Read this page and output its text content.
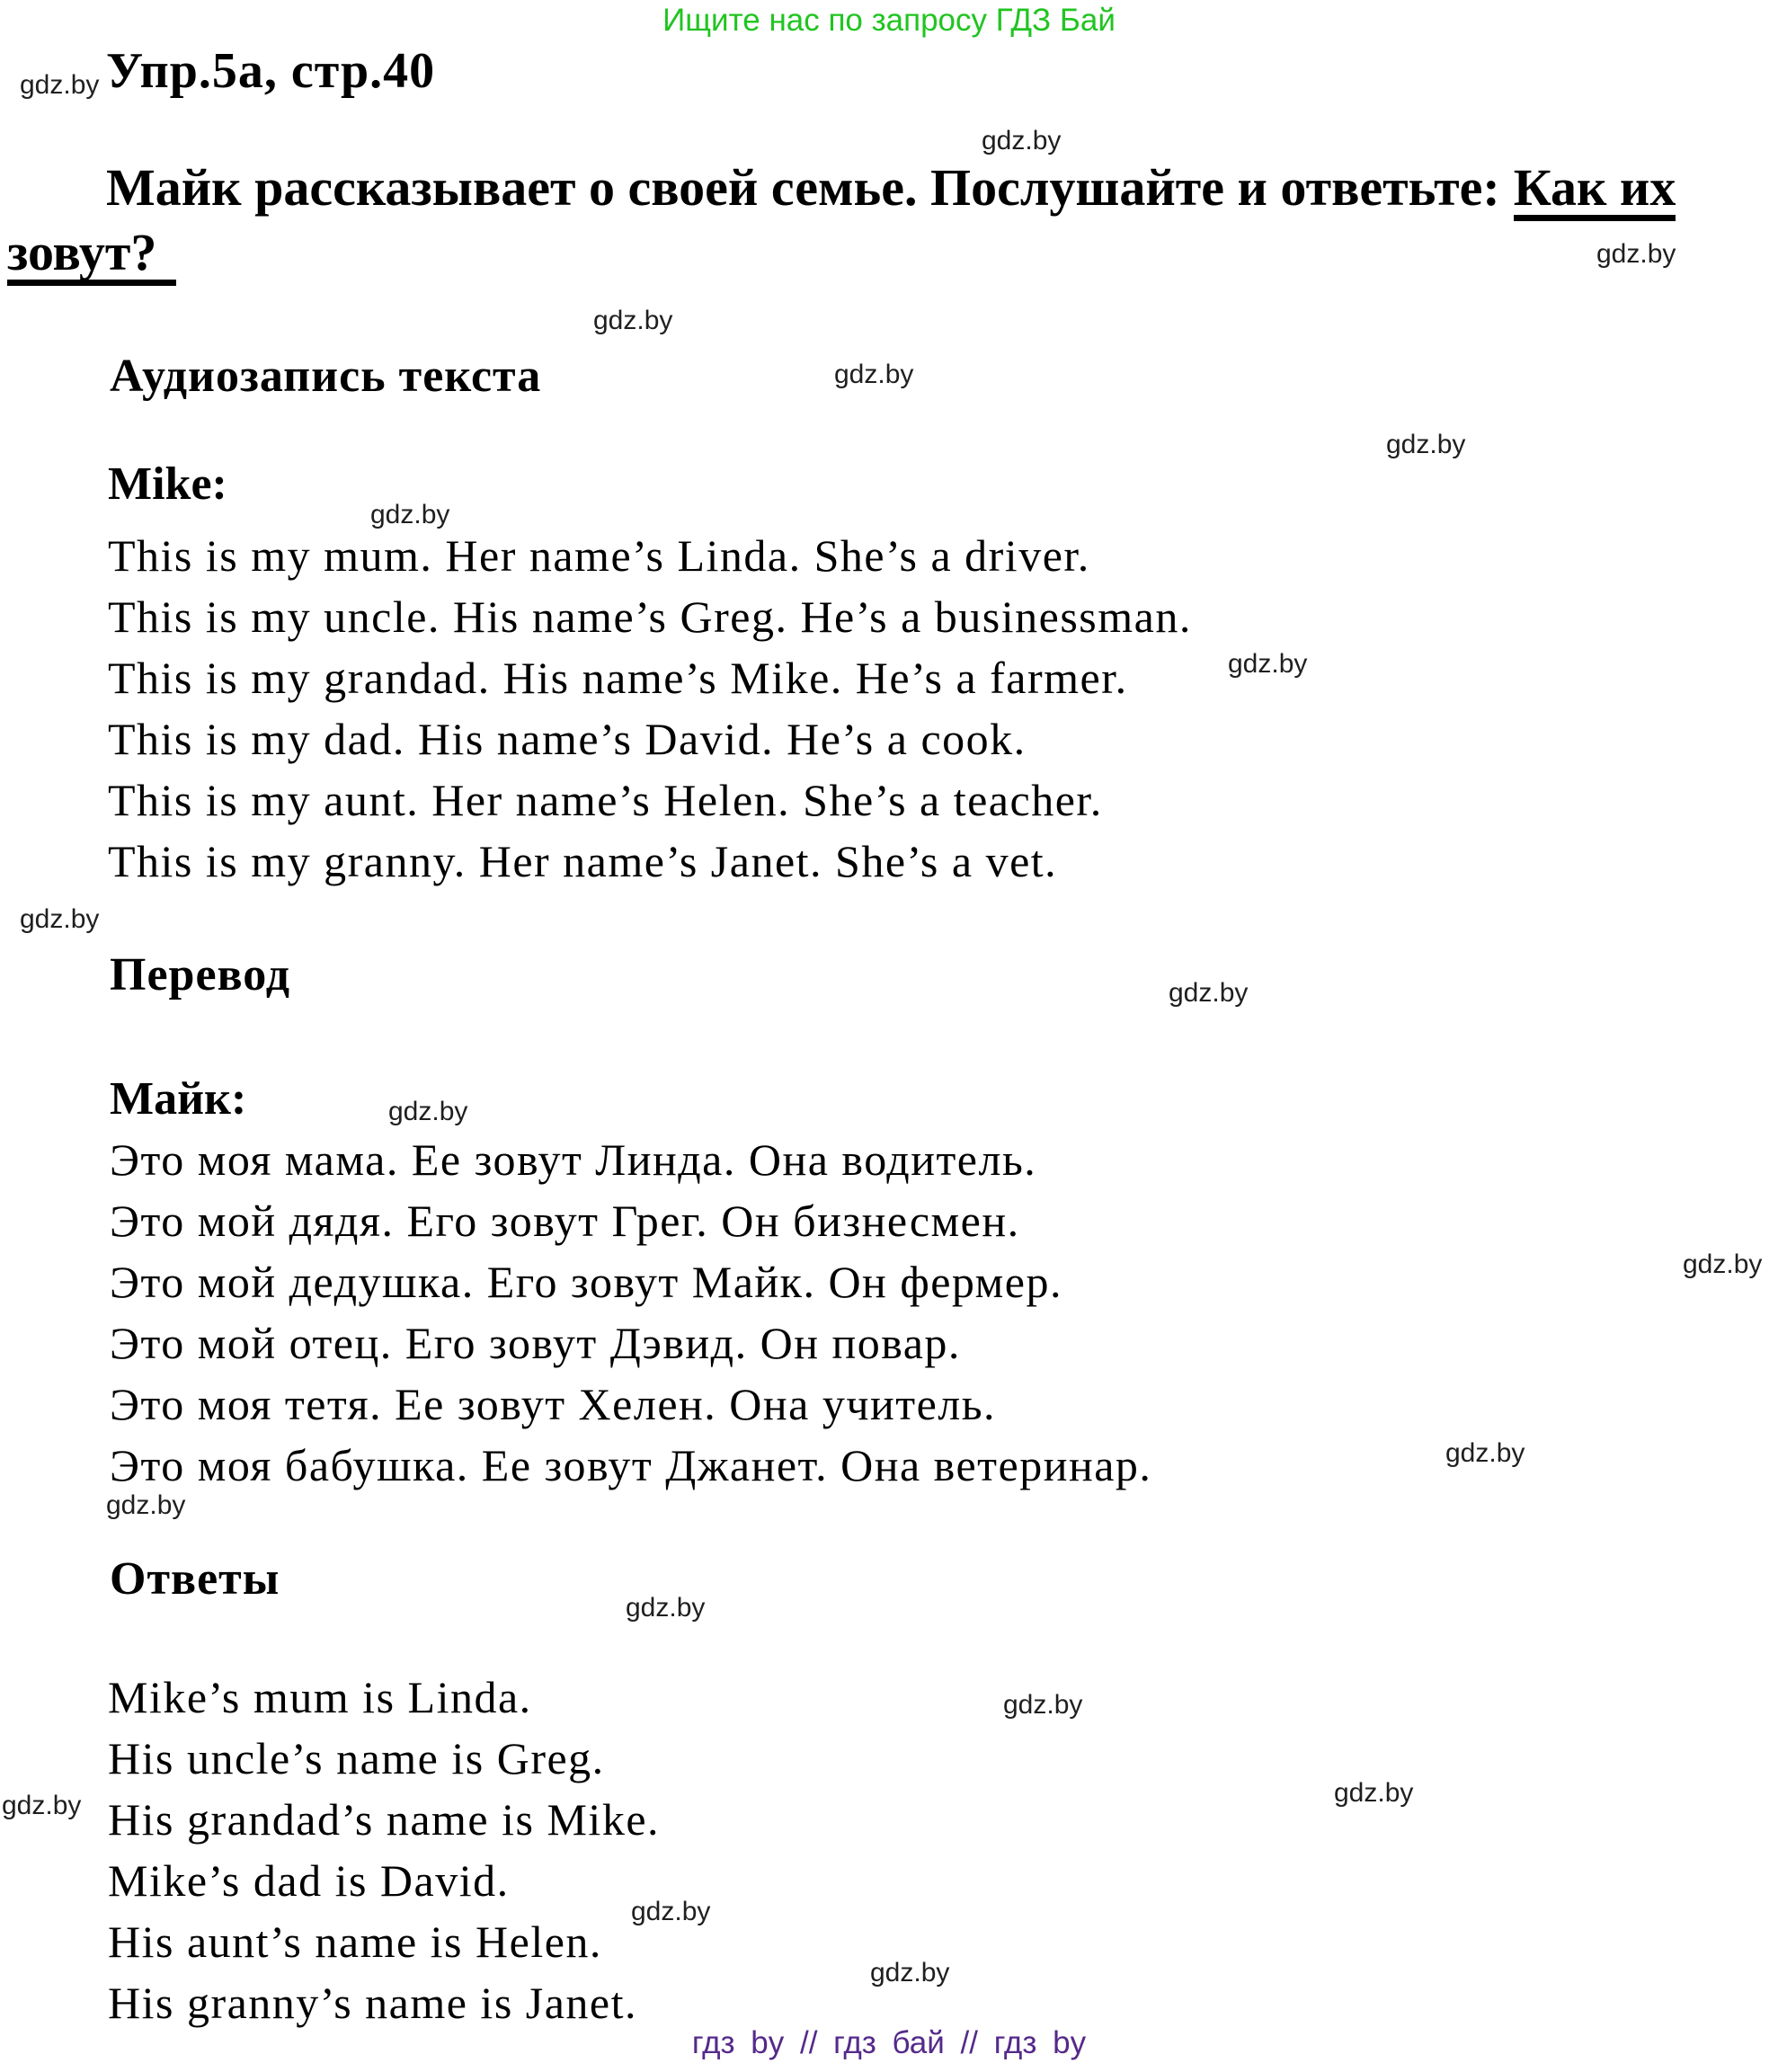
Ищите нас по запросу ГДЗ Бай
gdz.by
gdz.by
gdz.by
gdz.by
gdz.by
gdz.by
gdz.by
gdz.by
gdz.by
gdz.by
gdz.by
gdz.by
gdz.by
gdz.by
gdz.by
gdz.by
gdz.by
gdz.by
gdz.by
gdz.by
Упр.5а, стр.40
Майк рассказывает о своей семье. Послушайте и ответьте: Как их
зовут?
Аудиозапись текста
Mike:
This is my mum. Her name’s Linda. She’s a driver.
This is my uncle. His name’s Greg. He’s a businessman.
This is my grandad. His name’s Mike. He’s a farmer.
This is my dad. His name’s David. He’s a cook.
This is my aunt. Her name’s Helen. She’s a teacher.
This is my granny. Her name’s Janet. She’s a vet.
Перевод
Майк:
Это моя мама. Ее зовут Линда. Она водитель.
Это мой дядя. Его зовут Грег. Он бизнесмен.
Это мой дедушка. Его зовут Майк. Он фермер.
Это мой отец. Его зовут Дэвид. Он повар.
Это моя тетя. Ее зовут Хелен. Она учитель.
Это моя бабушка. Ее зовут Джанет. Она ветеринар.
Ответы
Mike’s mum is Linda.
His uncle’s name is Greg.
His grandad’s name is Mike.
Mike’s dad is David.
His aunt’s name is Helen.
His granny’s name is Janet.
гдз by // гдз бай // гдз by
